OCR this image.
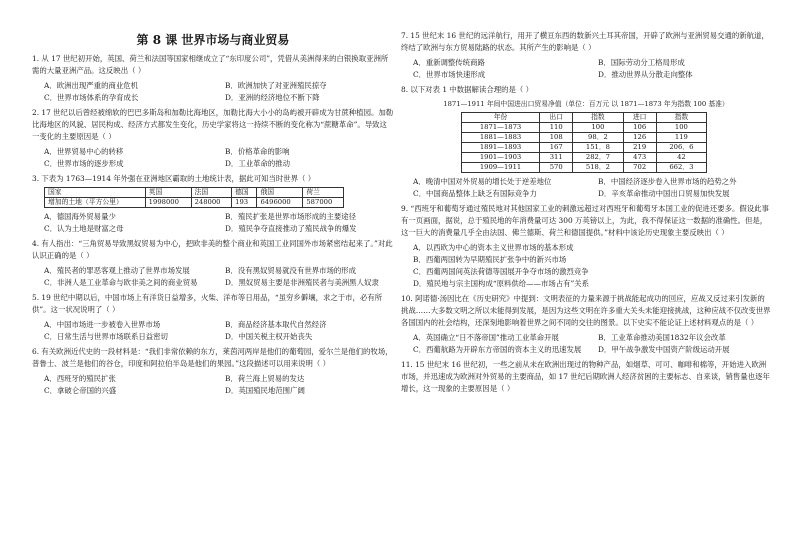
第 8 课 世界市场与商业贸易

1. 从 17 世纪初开始，英国、荷兰和法国等国家相继成立了“东印度公司”，凭借从美洲得来的白银换取亚洲所需的大量亚洲产品。这反映出（ ）

A．欧洲出现严重的商业危机	B．欧洲加快了对亚洲殖民掠夺
C．世界市场体系的孕育成长	D．亚洲的经济地位不断下降

2. 17 世纪以后曾经被绵软的巴巴多斯岛和加勒比海地区，加勒比海大小小的岛屿被开辟成为甘蔗种植园。加勒比海地区的风貌、居民构成、经济方式都发生变化，历史学家将这一持续不断的变化称为“蔗糖革命”。导致这一变化的主要原因是（ ）

A．世界贸易中心的转移	B．价格革命的影响
C．世界市场的逐步形成	D．工业革命的推动

3. 下表为 1763—1914 年外强在亚洲地区霸取的土地统计表，据此可知当时世界（ ）

国家	英国	法国	德国	俄国	荷兰
增加的土地（平方公里）	1998000	248000	193	6496000	587000
A．德国海外贸易量少	B．殖民扩张是世界市场形成的主要途径
C．认为土地是财富之母	D．殖民争夺直接推动了殖民战争的爆发

4. 有人指出：“三角贸易导致黑奴贸易为中心，把欧非美的整个商业和英国工业同国外市场紧密结起来了。”对此认识正确的是（ ）

A．殖民者的罪恶客观上推动了世界市场发展	B．没有黑奴贸易就没有世界市场的形成
C．非洲人是工业革命与欧非美之间的商业贸易	D．黑奴贸易主要是非洲殖民者与美洲黑人奴隶

5. 19 世纪中期以后，中国市场上有洋货日益增多，火柴、洋布等日用品，“虽穷乡僻壤，求之于市，必有所供”。这一状况说明了（ ）

A．中国市场进一步被卷入世界市场	B．商品经济基本取代自然经济
C．日常生活与世界市场联系日益密切	D．中国关税主权开始丧失

6. 有关欧洲近代史的一段材料是：“我们非常依赖的东方，莱茵河两岸是他们的葡萄园，爱尔兰是他们的牧场，普鲁士、波兰是他们的谷仓，印度和阿拉伯半岛是他们的果园。”这段描述可以用来说明（ ）

A．西班牙的殖民扩张	B．荷兰海上贸易的发达
C．拿破仑帝国的兴盛	D．英国殖民地范围广阔

7. 15 世纪末 16 世纪的远洋航行，用开了横亘东西的数新兴土耳其帝国，开辟了欧洲与亚洲贸易交通的新航道，终结了欧洲与东方贸易陆路的状态。其所产生的影响是（ ）

A．重新调整传统商路	B．国际劳动分工格局形成
C．世界市场快速形成	D．推动世界从分散走向整体

8. 以下对表 1 中数据解读合理的是（ ）

1871—1911 年间中国进出口贸易净值（单位：百万元 以 1871—1873 年为指数 100 基准）
年份	出口	指数	进口	指数
1871—1873	110	100	106	100
1881—1883	108	98．2	126	119
1891—1893	167	151．8	219	206．6
1901—1903	311	282．7	473	42
1909—1911	570	518．2	702	662．3
A．晚清中国对外贸易的增长处于逆差地位	B．中国经济逐步卷入世界市场的趋势之外
C．中国商品整体上缺乏有国际竞争力	D．辛亥革命推动中国出口贸易加快发展

9. “西班牙和葡萄牙通过殖民地对其他国家工业的刺激远超过对西班牙和葡萄牙本国工业的促进还要多。假设此事有一页画面，据说，总于殖民地的年消费量可达 300 万英镑以上，为此，我不得保证这一数据的准确性。但是，这一巨大的消费量几乎全由法国、佛兰德斯、荷兰和德国提供。”材料中该论历史现象主要反映出（ ）

A．以西欧为中心的资本主义世界市场的基本形成
B．西葡两国转为早期殖民扩张争中的新兴市场
C．西葡两国间英法荷德等国展开争夺市场的激烈竞争
D．殖民地与宗主国构成“原料供给——市场占有”关系

10. 阿诺德·汤因比在《历史研究》中提到：文明表征的力量来源于挑战能起成功的回应，应战又反过来引发新的挑战……大多数文明之所以未能得到发展，是因为这些文明在许多重大关头未能迎接挑战，这种应战不仅改变世界各国国内的社会结构，还深刻地影响着世界之间不同的交往的图景。以下史实不能论证上述材料观点的是（ ）

A．英国确立“日不落帝国”推动工业革命开展	B．工业革命推动美国1832年议会改革
C．西葡航路为开辟东方帝国的资本主义的迅速发展	D．甲午战争激发中国资产阶级运动开展

11. 15 世纪末 16 世纪初，一些之前从未在欧洲出现过的物种产品，如烟草、可可、咖啡和棉等，开始进入欧洲市场，并迅速成为欧洲对外贸易的主要商品，如 17 世纪后期欧洲人经济贫困的主要标志、自来谈，销售量也逐年增长，这一现象的主要原因是（ ）
